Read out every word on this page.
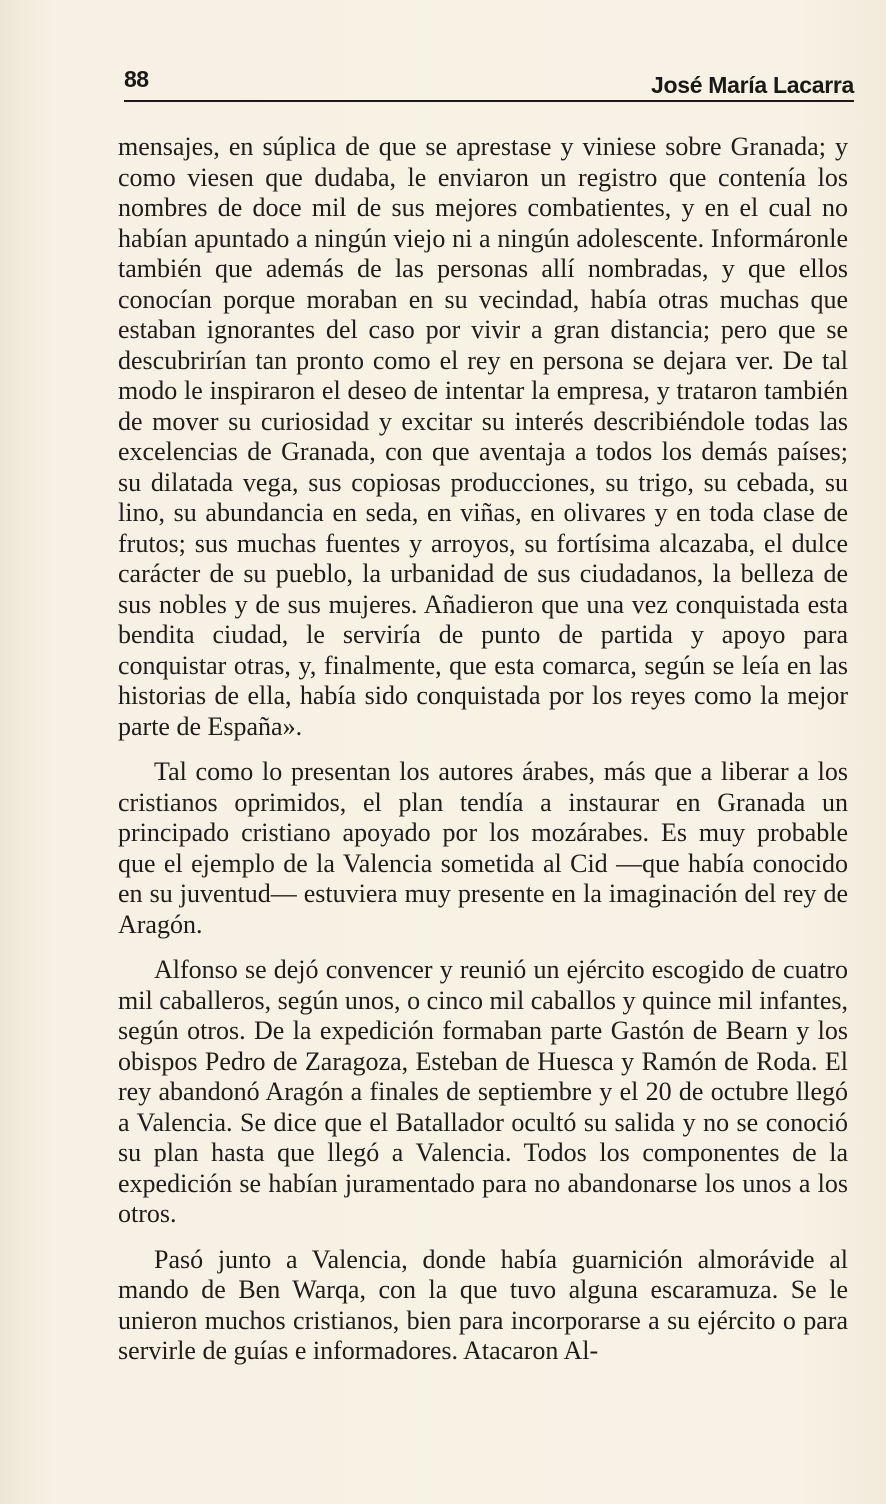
88	José María Lacarra

mensajes, en súplica de que se aprestase y viniese sobre Granada; y como viesen que dudaba, le enviaron un registro que contenía los nombres de doce mil de sus mejores combatientes, y en el cual no habían apuntado a ningún viejo ni a ningún adolescente. Informáronle también que además de las personas allí nombradas, y que ellos conocían porque moraban en su vecindad, había otras muchas que estaban ignorantes del caso por vivir a gran distancia; pero que se descubrirían tan pronto como el rey en persona se dejara ver. De tal modo le inspiraron el deseo de intentar la empresa, y trataron también de mover su curiosidad y excitar su interés describiéndole todas las excelencias de Granada, con que aventaja a todos los demás países; su dilatada vega, sus copiosas producciones, su trigo, su cebada, su lino, su abundancia en seda, en viñas, en olivares y en toda clase de frutos; sus muchas fuentes y arroyos, su fortísima alcazaba, el dulce carácter de su pueblo, la urbanidad de sus ciudadanos, la belleza de sus nobles y de sus mujeres. Añadieron que una vez conquistada esta bendita ciudad, le serviría de punto de partida y apoyo para conquistar otras, y, finalmente, que esta comarca, según se leía en las historias de ella, había sido conquistada por los reyes como la mejor parte de España».

Tal como lo presentan los autores árabes, más que a liberar a los cristianos oprimidos, el plan tendía a instaurar en Granada un principado cristiano apoyado por los mozárabes. Es muy probable que el ejemplo de la Valencia sometida al Cid —que había conocido en su juventud— estuviera muy presente en la imaginación del rey de Aragón.

Alfonso se dejó convencer y reunió un ejército escogido de cuatro mil caballeros, según unos, o cinco mil caballos y quince mil infantes, según otros. De la expedición formaban parte Gastón de Bearn y los obispos Pedro de Zaragoza, Esteban de Huesca y Ramón de Roda. El rey abandonó Aragón a finales de septiembre y el 20 de octubre llegó a Valencia. Se dice que el Batallador ocultó su salida y no se conoció su plan hasta que llegó a Valencia. Todos los componentes de la expedición se habían juramentado para no abandonarse los unos a los otros.

Pasó junto a Valencia, donde había guarnición almorávide al mando de Ben Warqa, con la que tuvo alguna escaramuza. Se le unieron muchos cristianos, bien para incorporarse a su ejército o para servirle de guías e informadores. Atacaron Al-
